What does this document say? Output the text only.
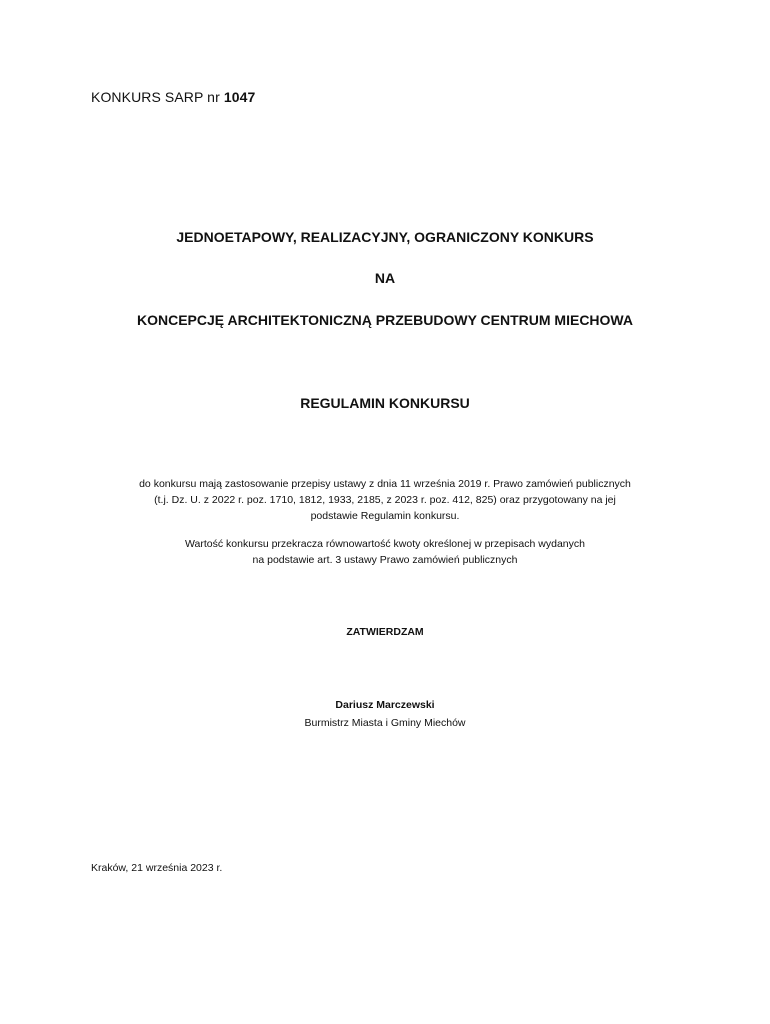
KONKURS SARP nr 1047
JEDNOETAPOWY, REALIZACYJNY, OGRANICZONY KONKURS
NA
KONCEPCJĘ ARCHITEKTONICZNĄ PRZEBUDOWY CENTRUM MIECHOWA
REGULAMIN KONKURSU
do konkursu mają zastosowanie przepisy ustawy z dnia 11 września 2019 r. Prawo zamówień publicznych
(t.j. Dz. U. z 2022 r. poz. 1710, 1812, 1933, 2185, z 2023 r. poz. 412, 825) oraz przygotowany na jej
podstawie Regulamin konkursu.
Wartość konkursu przekracza równowartość kwoty określonej w przepisach wydanych
na podstawie art. 3 ustawy Prawo zamówień publicznych
ZATWIERDZAM
Dariusz Marczewski
Burmistrz Miasta i Gminy Miechów
Kraków, 21 września 2023 r.
